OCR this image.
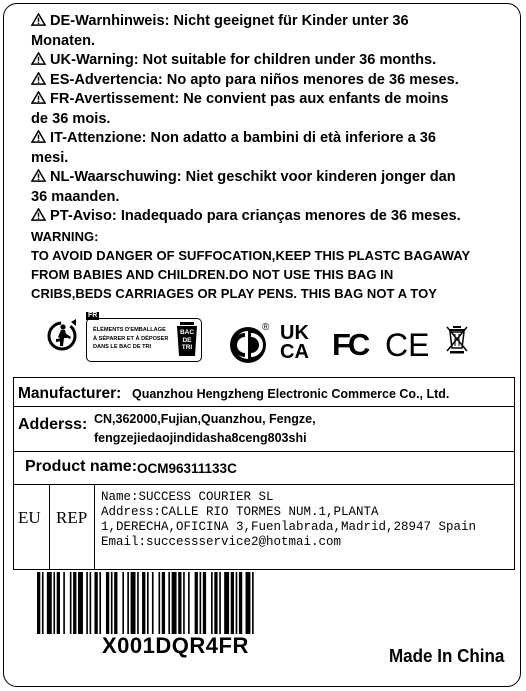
DE-Warnhinweis: Nicht geeignet für Kinder unter 36
Monaten.
UK-Warning: Not suitable for children under 36 months.
ES-Advertencia: No apto para niños menores de 36 meses.
FR-Avertissement: Ne convient pas aux enfants de moins
de 36 mois.
IT-Attenzione: Non adatto a bambini di età inferiore a 36
mesi.
NL-Waarschuwing: Niet geschikt voor kinderen jonger dan
36 maanden.
PT-Aviso: Inadequado para crianças menores de 36 meses.
WARNING:
TO AVOID DANGER OF SUFFOCATION,KEEP THIS PLASTC BAGAWAY
FROM BABIES AND CHILDREN.DO NOT USE THIS BAG IN
CRIBS,BEDS CARRIAGES OR PLAY PENS. THIS BAG NOT A TOY
FR
ÉLÉMENTS D'EMBALLAGE
À SÉPARER ET À DÉPOSER
DANS LE BAC DE TRI
BAC
DE
TRI
® UK
CA FC CE
Manufacturer: Quanzhou Hengzheng Electronic Commerce Co., Ltd.
Adderss: CN,362000,Fujian,Quanzhou, Fengze,
fengzejiedaojindidasha8ceng803shi
Product name: OCM96311133C
EU REP
Name:SUCCESS COURIER SL
Address:CALLE RIO TORMES NUM.1,PLANTA
1,DERECHA,OFICINA 3,Fuenlabrada,Madrid,28947 Spain
Email:successservice2@hotmai.com
X001DQR4FR	Made In China
